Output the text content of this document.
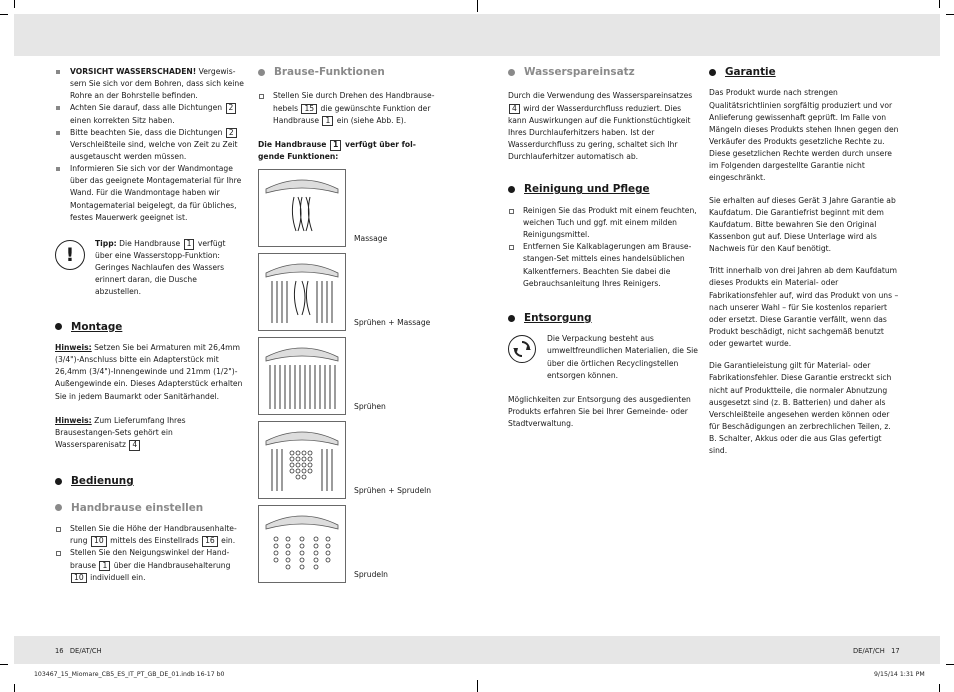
VORSICHT WASSERSCHADEN! Vergewissern Sie sich vor dem Bohren, dass sich keine Rohre an der Bohrstelle befinden.
Achten Sie darauf, dass alle Dichtungen 2 einen korrekten Sitz haben.
Bitte beachten Sie, dass die Dichtungen 2 Verschleißteile sind, welche von Zeit zu Zeit ausgetauscht werden müssen.
Informieren Sie sich vor der Wandmontage über das geeignete Montagematerial für Ihre Wand. Für die Wandmontage haben wir Montagematerial beigelegt, da für übliches, festes Mauerwerk geeignet ist.
!
Tipp: Die Handbrause 1 verfügt über eine Wasserstopp-Funktion: Geringes Nachlaufen des Wassers erinnert daran, die Dusche abzustellen.
Montage
Hinweis: Setzen Sie bei Armaturen mit 26,4mm (3/4")-Anschluss bitte ein Adapterstück mit 26,4mm (3/4")-Innengewinde und 21mm (1/2")-Außengewinde ein. Dieses Adapterstück erhalten Sie in jedem Baumarkt oder Sanitärhandel.
Hinweis: Zum Lieferumfang Ihres Brausestangen-Sets gehört ein Wassersparenisatz 4
Bedienung
Handbrause einstellen
Stellen Sie die Höhe der Handbrausenhalterung 10 mittels des Einstellrads 16 ein.
Stellen Sie den Neigungswinkel der Handbrause 1 über die Handbrausehalterung 10 individuell ein.
Brause-Funktionen
Stellen Sie durch Drehen des Handbrausehebels 15 die gewünschte Funktion der Handbrause 1 ein (siehe Abb. E).
Die Handbrause 1 verfügt über folgende Funktionen:
Massage
Sprühen + Massage
Sprühen
Sprühen + Sprudeln
Sprudeln
Wasserspareinsatz
Durch die Verwendung des Wasserspareinsatzes 4 wird der Wasserdurchfluss reduziert. Dies kann Auswirkungen auf die Funktionstüchtigkeit Ihres Durchlauferhitzers haben. Ist der Wasserdurchfluss zu gering, schaltet sich Ihr Durchlauferhitzer automatisch ab.
Reinigung und Pflege
Reinigen Sie das Produkt mit einem feuchten, weichen Tuch und ggf. mit einem milden Reinigungsmittel.
Entfernen Sie Kalkablagerungen am Brausestangen-Set mittels eines handelsüblichen Kalkentferners. Beachten Sie dabei die Gebrauchsanleitung Ihres Reinigers.
Entsorgung
Die Verpackung besteht aus umweltfreundlichen Materialien, die Sie über die örtlichen Recyclingstellen entsorgen können.
Möglichkeiten zur Entsorgung des ausgedienten Produkts erfahren Sie bei Ihrer Gemeinde- oder Stadtverwaltung.
Garantie
Das Produkt wurde nach strengen Qualitätsrichtlinien sorgfältig produziert und vor Anlieferung gewissenhaft geprüft. Im Falle von Mängeln dieses Produkts stehen Ihnen gegen den Verkäufer des Produkts gesetzliche Rechte zu. Diese gesetzlichen Rechte werden durch unsere im Folgenden dargestellte Garantie nicht eingeschränkt.
Sie erhalten auf dieses Gerät 3 Jahre Garantie ab Kaufdatum. Die Garantiefrist beginnt mit dem Kaufdatum. Bitte bewahren Sie den Original Kassenbon gut auf. Diese Unterlage wird als Nachweis für den Kauf benötigt.
Tritt innerhalb von drei Jahren ab dem Kaufdatum dieses Produkts ein Material- oder Fabrikationsfehler auf, wird das Produkt von uns – nach unserer Wahl – für Sie kostenlos repariert oder ersetzt. Diese Garantie verfällt, wenn das Produkt beschädigt, nicht sachgemäß benutzt oder gewartet wurde.
Die Garantieleistung gilt für Material- oder Fabrikationsfehler. Diese Garantie erstreckt sich nicht auf Produktteile, die normaler Abnutzung ausgesetzt sind (z. B. Batterien) und daher als Verschleißteile angesehen werden können oder für Beschädigungen an zerbrechlichen Teilen, z. B. Schalter, Akkus oder die aus Glas gefertigt sind.
16 DE/AT/CH	DE/AT/CH 17
103467_15_Miomare_CB5_ES_IT_PT_GB_DE_01.indb 16-17 b0	9/15/14 1:31 PM
